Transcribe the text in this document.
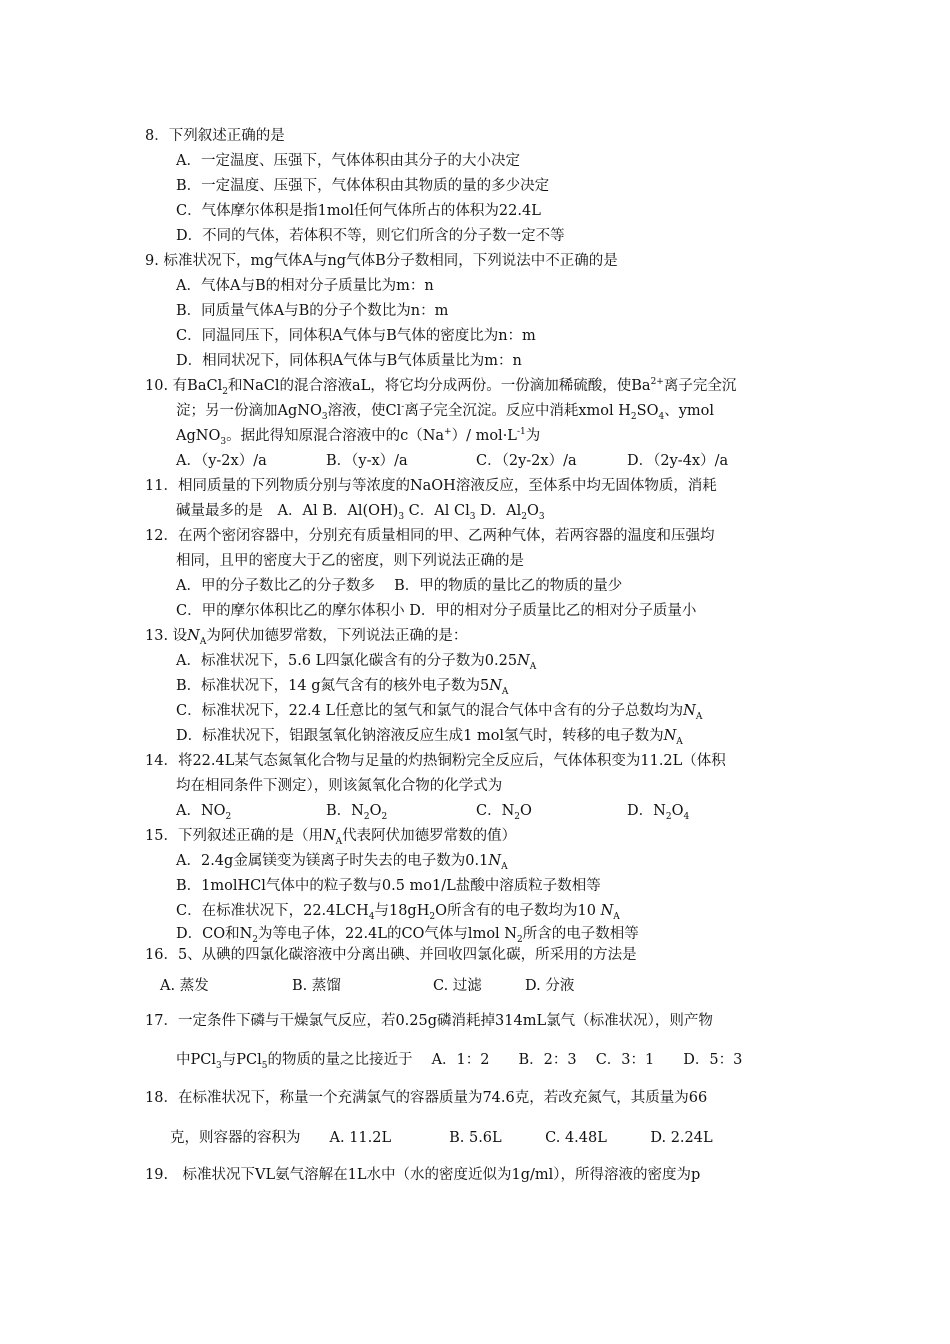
8．下列叙述正确的是
A．一定温度、压强下，气体体积由其分子的大小决定
B．一定温度、压强下，气体体积由其物质的量的多少决定
C．气体摩尔体积是指1mol任何气体所占的体积为22.4L
D．不同的气体，若体积不等，则它们所含的分子数一定不等
9. 标准状况下，mg气体A与ng气体B分子数相同，下列说法中不正确的是
A．气体A与B的相对分子质量比为m：n
B．同质量气体A与B的分子个数比为n：m
C．同温同压下，同体积A气体与B气体的密度比为n：m
D．相同状况下，同体积A气体与B气体质量比为m：n
10. 有BaCl$_2$和NaCl的混合溶液aL，将它均分成两份。一份滴加稀硫酸，使$Ba^{2+}$离子完全沉
淀；另一份滴加AgNO$_3$溶液，使Cl-离子完全沉淀。反应中消耗xmol $H_2SO_4$、ymol
AgNO$_3$。据此得知原混合溶液中的c（Na+）/ $mol\cdot L^{-1}$为
A．（y-2x）/a	B．（y-x）/a	C．（2y-2x）/a	D．（2y-4x）/a
11．相同质量的下列物质分别与等浓度的NaOH溶液反应，至体系中均无固体物质，消耗
碱量最多的是　A．Al B．$Al(OH)_3$ C．Al $Cl_3$ D．$Al_2O_3$
12．在两个密闭容器中，分别充有质量相同的甲、乙两种气体，若两容器的温度和压强均
相同，且甲的密度大于乙的密度，则下列说法正确的是
A．甲的分子数比乙的分子数多　 B．甲的物质的量比乙的物质的量少
C．甲的摩尔体积比乙的摩尔体积小 D．甲的相对分子质量比乙的相对分子质量小
13. 设$N_A$为阿伏加德罗常数，下列说法正确的是：
A．标准状况下，5.6 L四氯化碳含有的分子数为$0.25N_A$
B．标准状况下，14 g氮气含有的核外电子数为$5N_A$
C．标准状况下，22.4 L任意比的氢气和氯气的混合气体中含有的分子总数均为$N_A$
D．标准状况下，铝跟氢氧化钠溶液反应生成1 mol氢气时，转移的电子数为$N_A$
14．将22.4L某气态氮氧化合物与足量的灼热铜粉完全反应后，气体体积变为11.2L（体积
均在相同条件下测定），则该氮氧化合物的化学式为
A．$NO_2$	B．$N_2O_2$	C．$N_2O$	D．$N_2O_4$
15．下列叙述正确的是（用$N_A$代表阿伏加德罗常数的值）
A．2.4g金属镁变为镁离子时失去的电子数为$0.1N_A$
B．1molHCl气体中的粒子数与0.5 mo1/L盐酸中溶质粒子数相等
C．在标准状况下，$22.4LCH_4$与$18gH_2O$所含有的电子数均为10 $N_A$
D．CO和$N_2$为等电子体，22.4L的CO气体与lmol $N_2$所含的电子数相等
16．5、从碘的四氯化碳溶液中分离出碘、并回收四氯化碳，所采用的方法是
A. 蒸发	B. 蒸馏	C. 过滤	D. 分液
17．一定条件下磷与干燥氯气反应，若0.25g磷消耗掉314mL氯气（标准状况），则产物
中PCl$_3$与PCl$_5$的物质的量之比接近于　 A．1：2　　B．2：3　 C．3：1　　D．5：3
18．在标准状况下，称量一个充满氯气的容器质量为74.6克，若改充氮气，其质量为66
克，则容器的容积为　　A. 11.2L　　　　B. 5.6L　　　C. 4.48L　　　D. 2.24L
19.　标准状况下VL氨气溶解在1L水中（水的密度近似为1g/ml），所得溶液的密度为p
